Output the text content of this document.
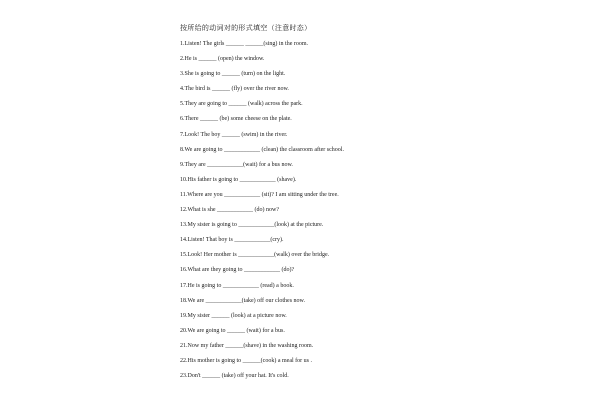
按所给的动词对的形式填空（注意时态）
1.Listen! The girls ______ ______(sing) in the room.
2.He is ______ (open) the window.
3.She is going to ______ (turn) on the light.
4.The bird is ______ (fly) over the river now.
5.They are going to ______ (walk) across the park.
6.There ______ (be) some cheese on the plate.
7.Look! The boy ______ (swim) in the river.
8.We are going to ____________ (clean) the classroom after school.
9.They are ____________(wait) for a bus now.
10.His father is going to ____________ (shave).
11.Where are you ____________ (sit)? I am sitting under the tree.
12.What is she ____________ (do) now?
13.My sister is going to ____________(look) at the picture.
14.Listen! That boy is ____________(cry).
15.Look! Her mother is ____________(walk) over the bridge.
16.What are they going to ____________ (do)?
17.He is going to ____________ (read) a book.
18.We are ____________(take) off our clothes now.
19.My sister ______ (look) at a picture now.
20.We are going to ______ (wait) for a bus.
21.Now my father ______(shave) in the washing room.
22.His mother is going to ______(cook) a meal for us .
23.Don't ______ (take) off your hat. It's cold.
